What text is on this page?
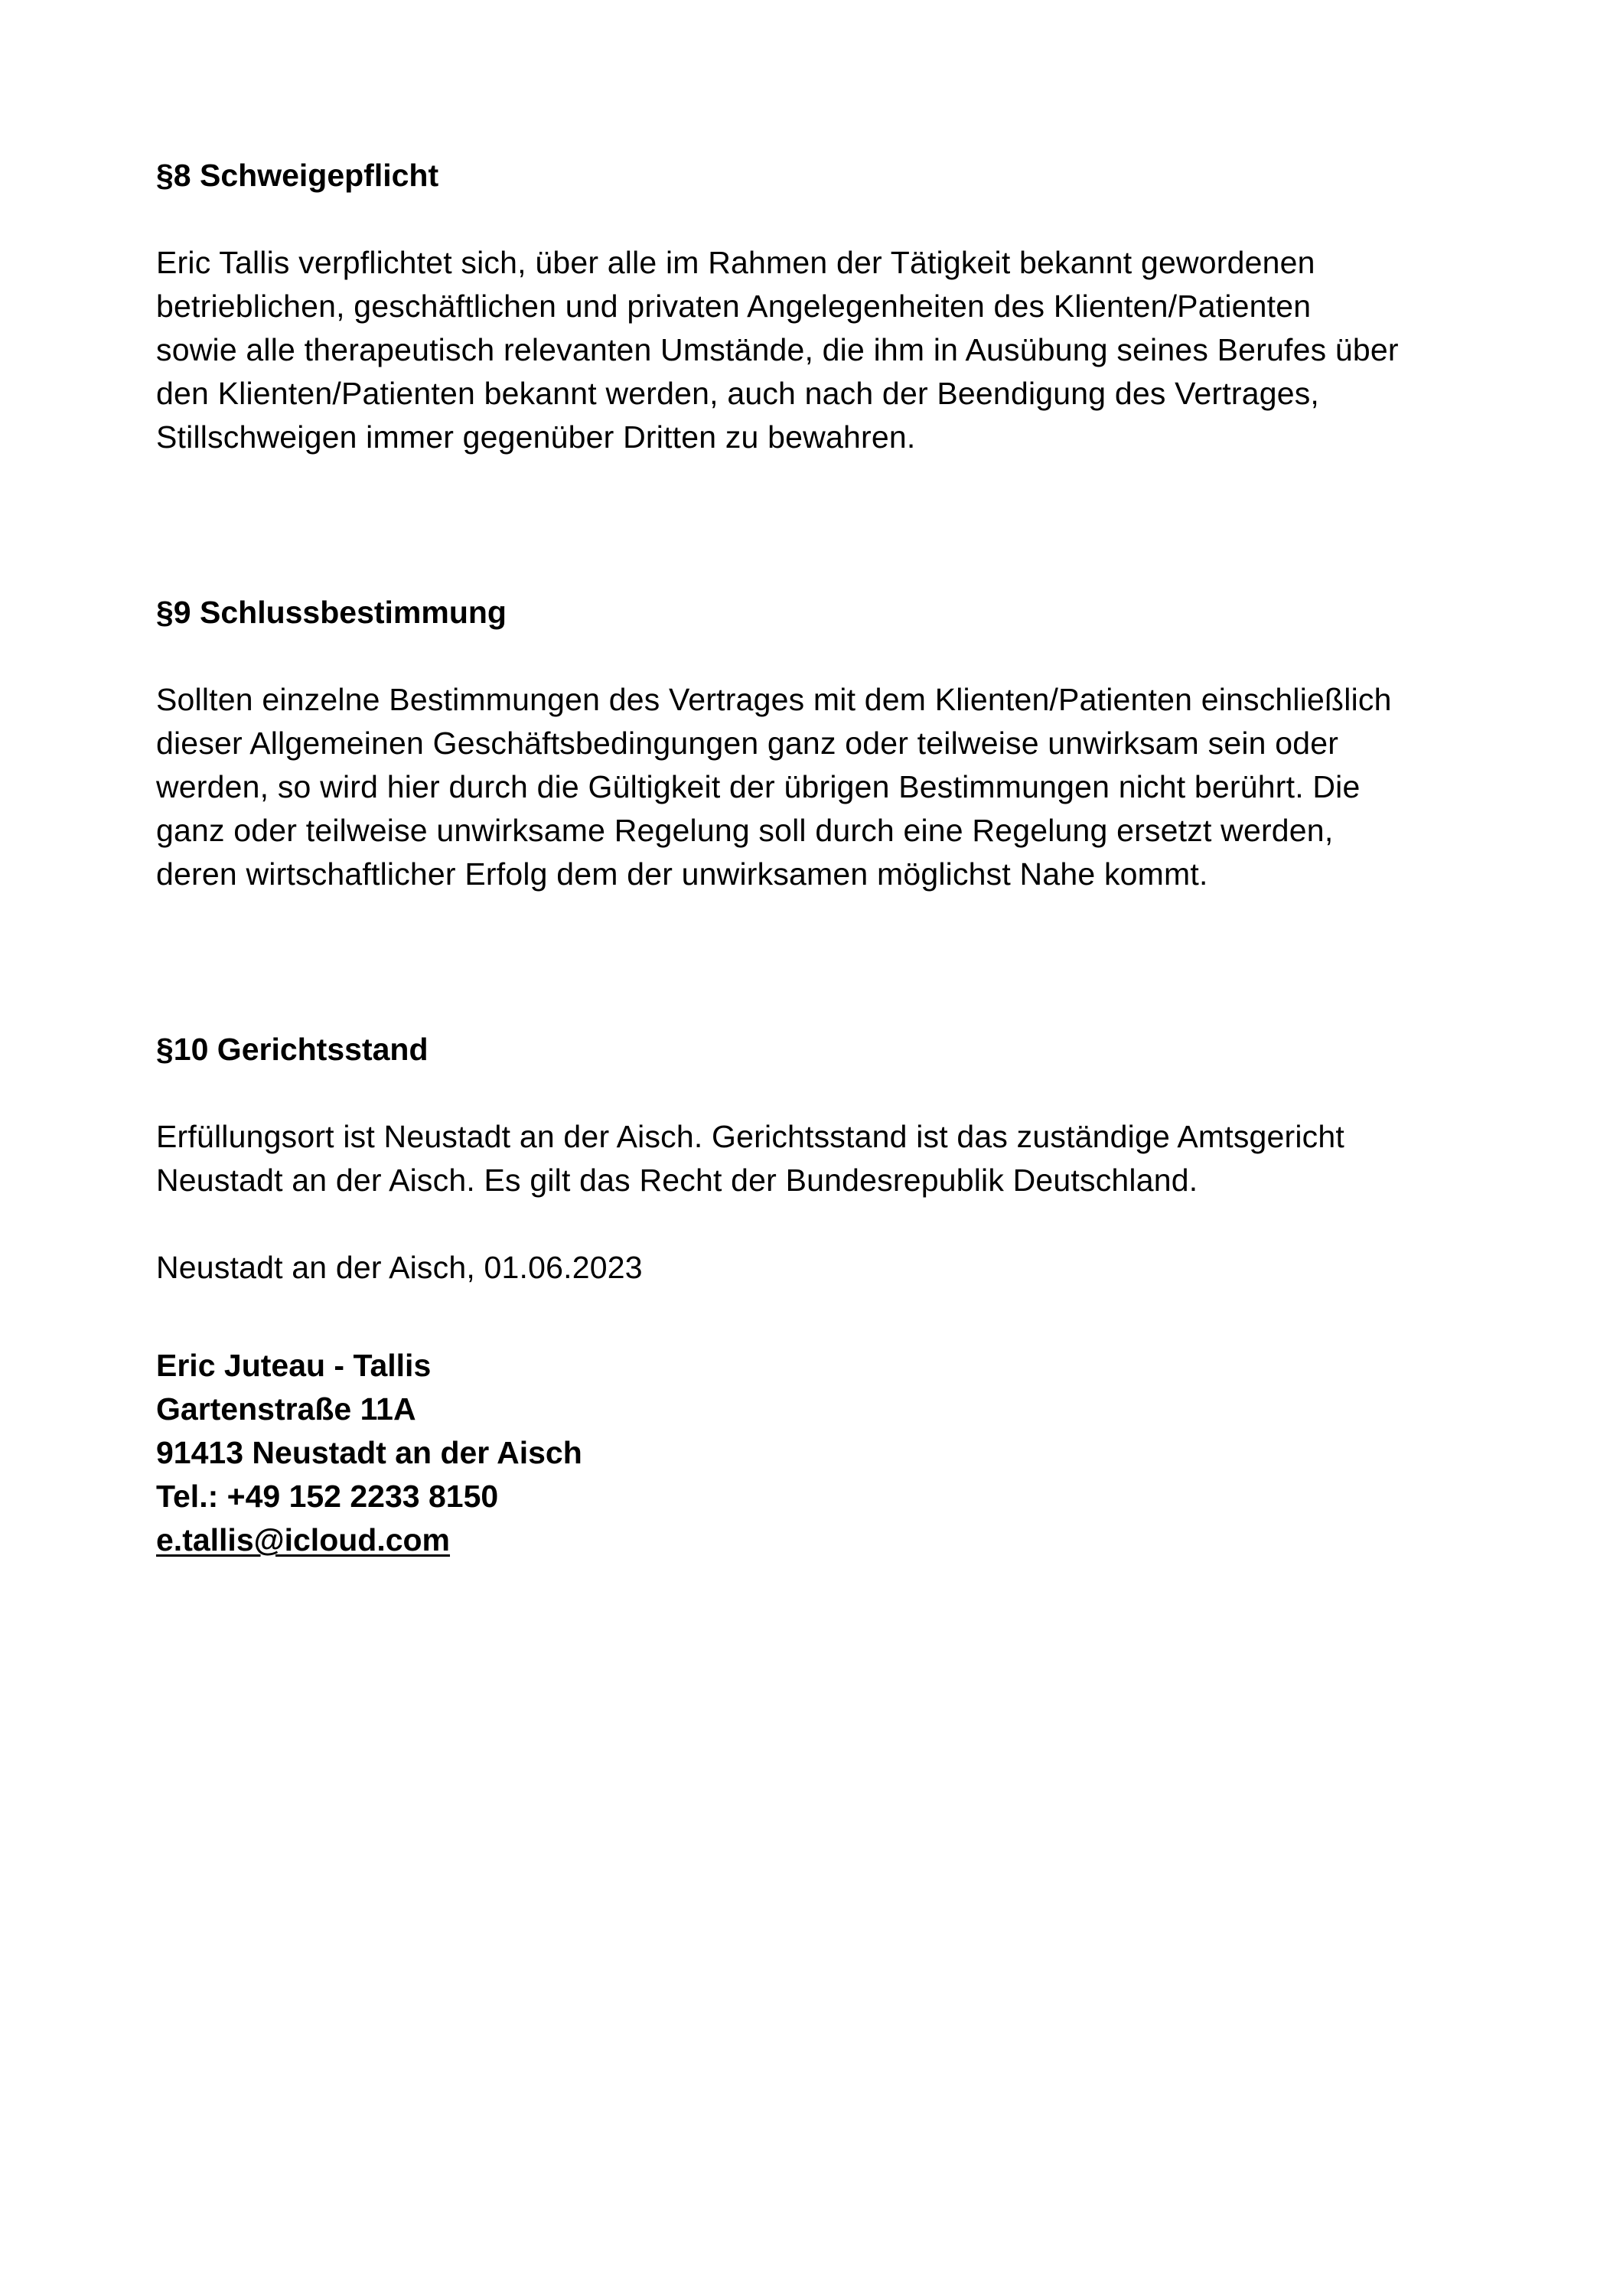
§8 Schweigepflicht

Eric Tallis verpflichtet sich, über alle im Rahmen der Tätigkeit bekannt gewordenen
betrieblichen, geschäftlichen und privaten Angelegenheiten des Klienten/Patienten
sowie alle therapeutisch relevanten Umstände, die ihm in Ausübung seines Berufes über
den Klienten/Patienten bekannt werden, auch nach der Beendigung des Vertrages,
Stillschweigen immer gegenüber Dritten zu bewahren.

§9 Schlussbestimmung

Sollten einzelne Bestimmungen des Vertrages mit dem Klienten/Patienten einschließlich
dieser Allgemeinen Geschäftsbedingungen ganz oder teilweise unwirksam sein oder
werden, so wird hier durch die Gültigkeit der übrigen Bestimmungen nicht berührt. Die
ganz oder teilweise unwirksame Regelung soll durch eine Regelung ersetzt werden,
deren wirtschaftlicher Erfolg dem der unwirksamen möglichst Nahe kommt.

§10 Gerichtsstand

Erfüllungsort ist Neustadt an der Aisch. Gerichtsstand ist das zuständige Amtsgericht
Neustadt an der Aisch. Es gilt das Recht der Bundesrepublik Deutschland.

Neustadt an der Aisch, 01.06.2023

Eric Juteau - Tallis
Gartenstraße 11A
91413 Neustadt an der Aisch
Tel.: +49 152 2233 8150
e.tallis@icloud.com
